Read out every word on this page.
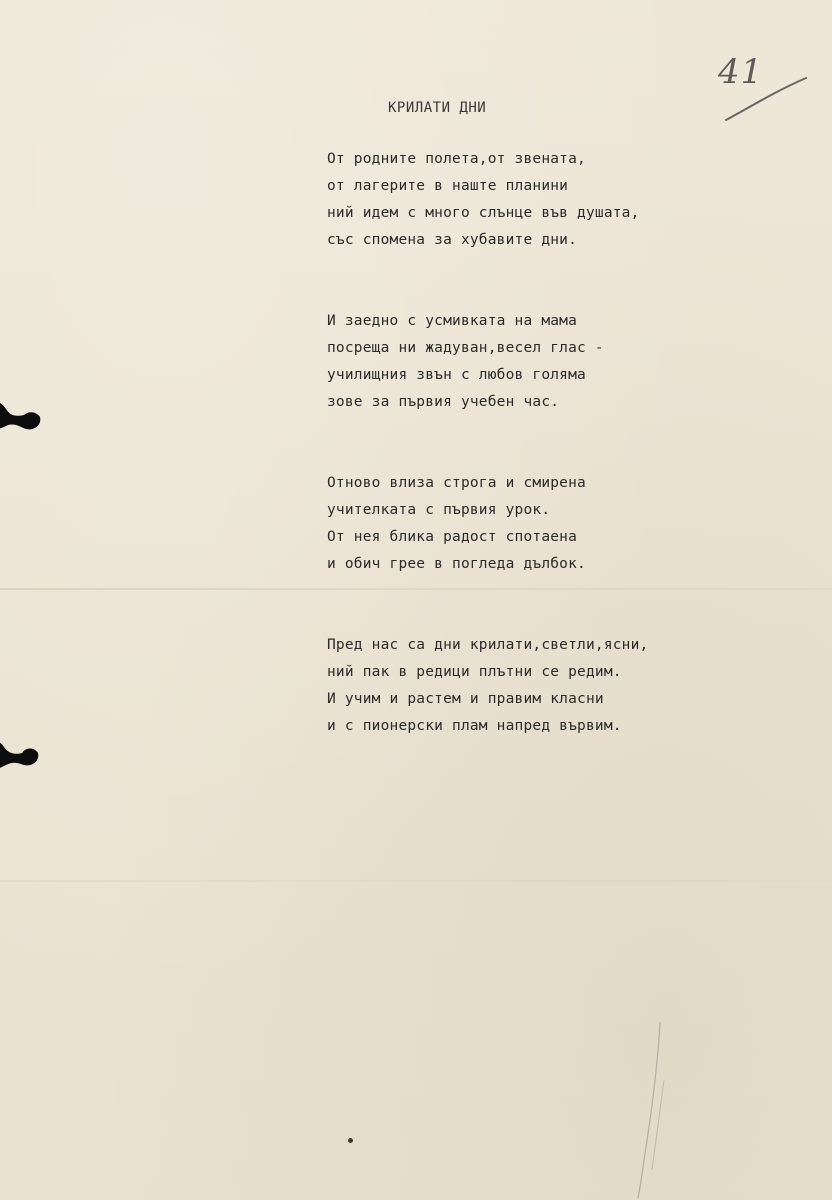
41
КРИЛАТИ ДНИ
От родните полета,от звената,
от лагерите в наште планини
ний идем с много слънце във душата,
със спомена за хубавите дни.
И заедно с усмивката на мама
посреща ни жадуван,весел глас -
училищния звън с любов голяма
зове за първия учебен час.
Отново влиза строга и смирена
учителката с първия урок.
От нея блика радост спотаена
и обич грее в погледа дълбок.
Пред нас са дни крилати,светли,ясни,
ний пак в редици плътни се редим.
И учим и растем и правим класни
и с пионерски плам напред вървим.
